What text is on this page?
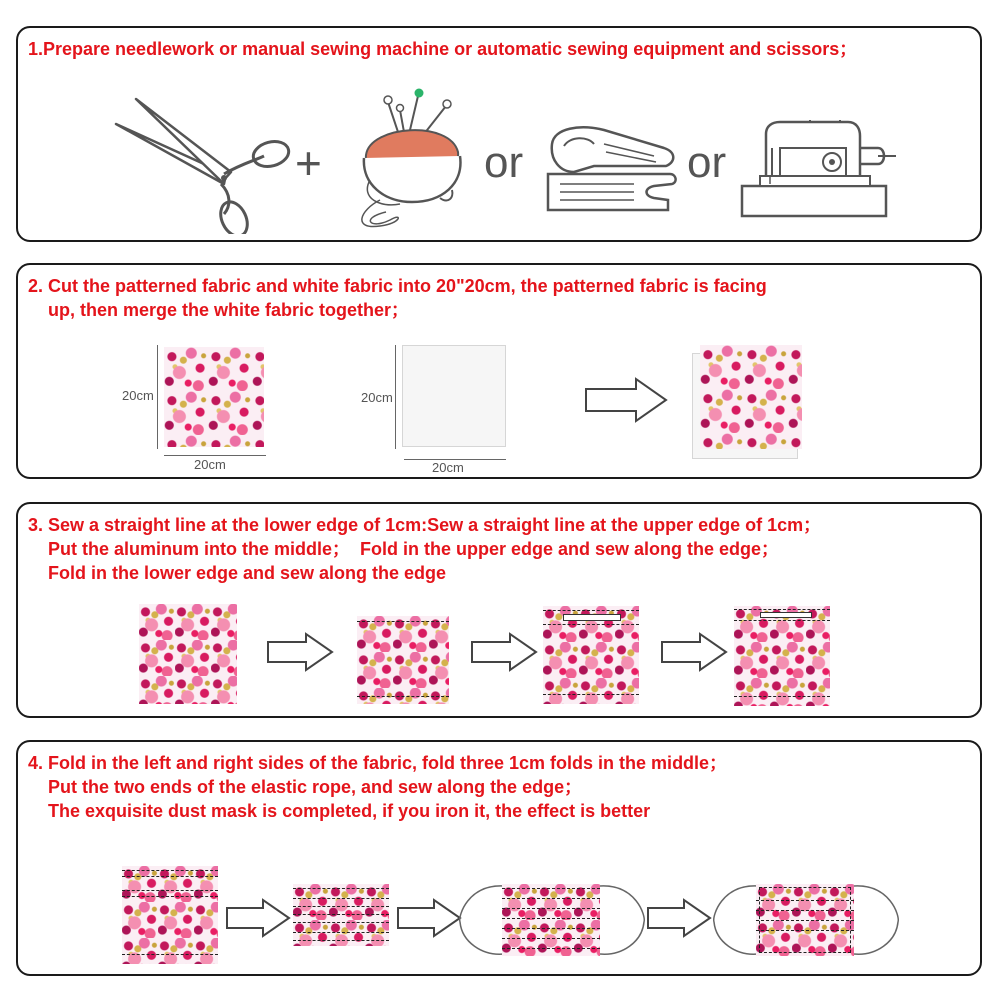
1.Prepare needlework or manual sewing machine or automatic sewing equipment and scissors；

+	or	or

2. Cut the patterned fabric and white fabric into 20"20cm, the patterned fabric is facing
up, then merge the white fabric together；

20cm
20cm
20cm
20cm

3. Sew a straight line at the lower edge of 1cm:Sew a straight line at the upper edge of 1cm；
Put the aluminum into the middle；  Fold in the upper edge and sew along the edge；
Fold in the lower edge and sew along the edge

4. Fold in the left and right sides of the fabric, fold three 1cm folds in the middle；
Put the two ends of the elastic rope, and sew along the edge；
The exquisite dust mask is completed, if you iron it, the effect is better
